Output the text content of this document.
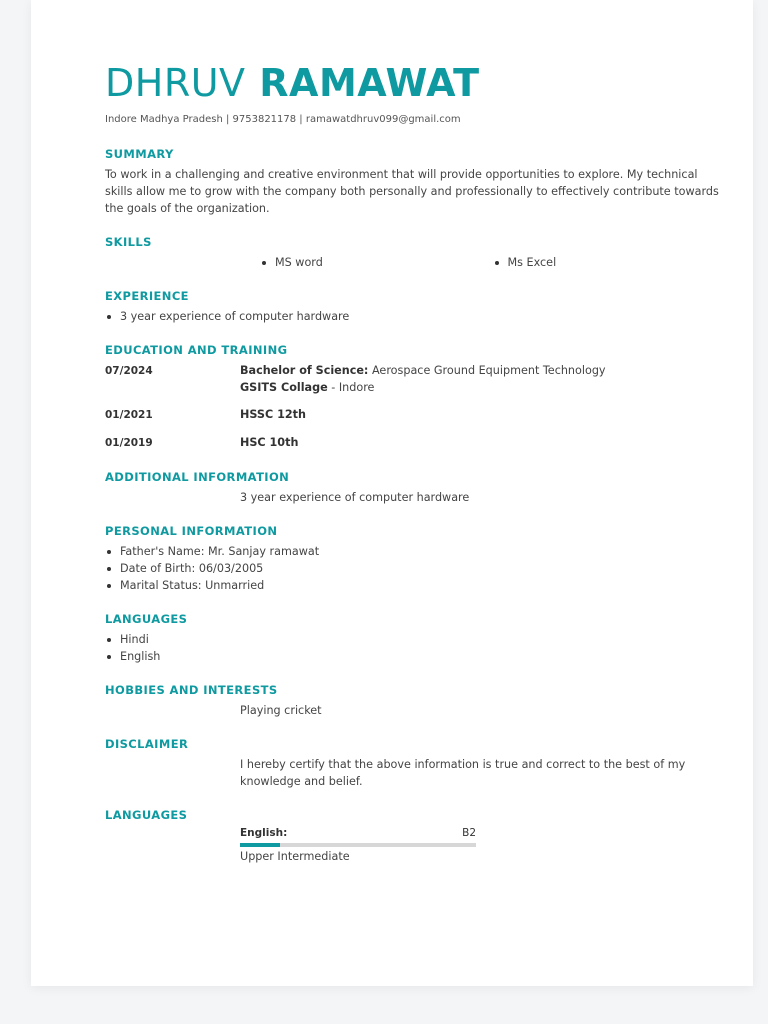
DHRUV RAMAWAT
Indore Madhya Pradesh | 9753821178 | ramawatdhruv099@gmail.com
SUMMARY
To work in a challenging and creative environment that will provide opportunities to explore. My technical skills allow me to grow with the company both personally and professionally to effectively contribute towards the goals of the organization.
SKILLS
MS word	Ms Excel
EXPERIENCE
3 year experience of computer hardware
EDUCATION AND TRAINING
07/2024	Bachelor of Science: Aerospace Ground Equipment Technology
GSITS Collage - Indore
01/2021	HSSC 12th
01/2019	HSC 10th
ADDITIONAL INFORMATION
3 year experience of computer hardware
PERSONAL INFORMATION
Father's Name: Mr. Sanjay ramawat
Date of Birth: 06/03/2005
Marital Status: Unmarried
LANGUAGES
Hindi
English
HOBBIES AND INTERESTS
Playing cricket
DISCLAIMER
I hereby certify that the above information is true and correct to the best of my knowledge and belief.
LANGUAGES
English:	B2
Upper Intermediate
